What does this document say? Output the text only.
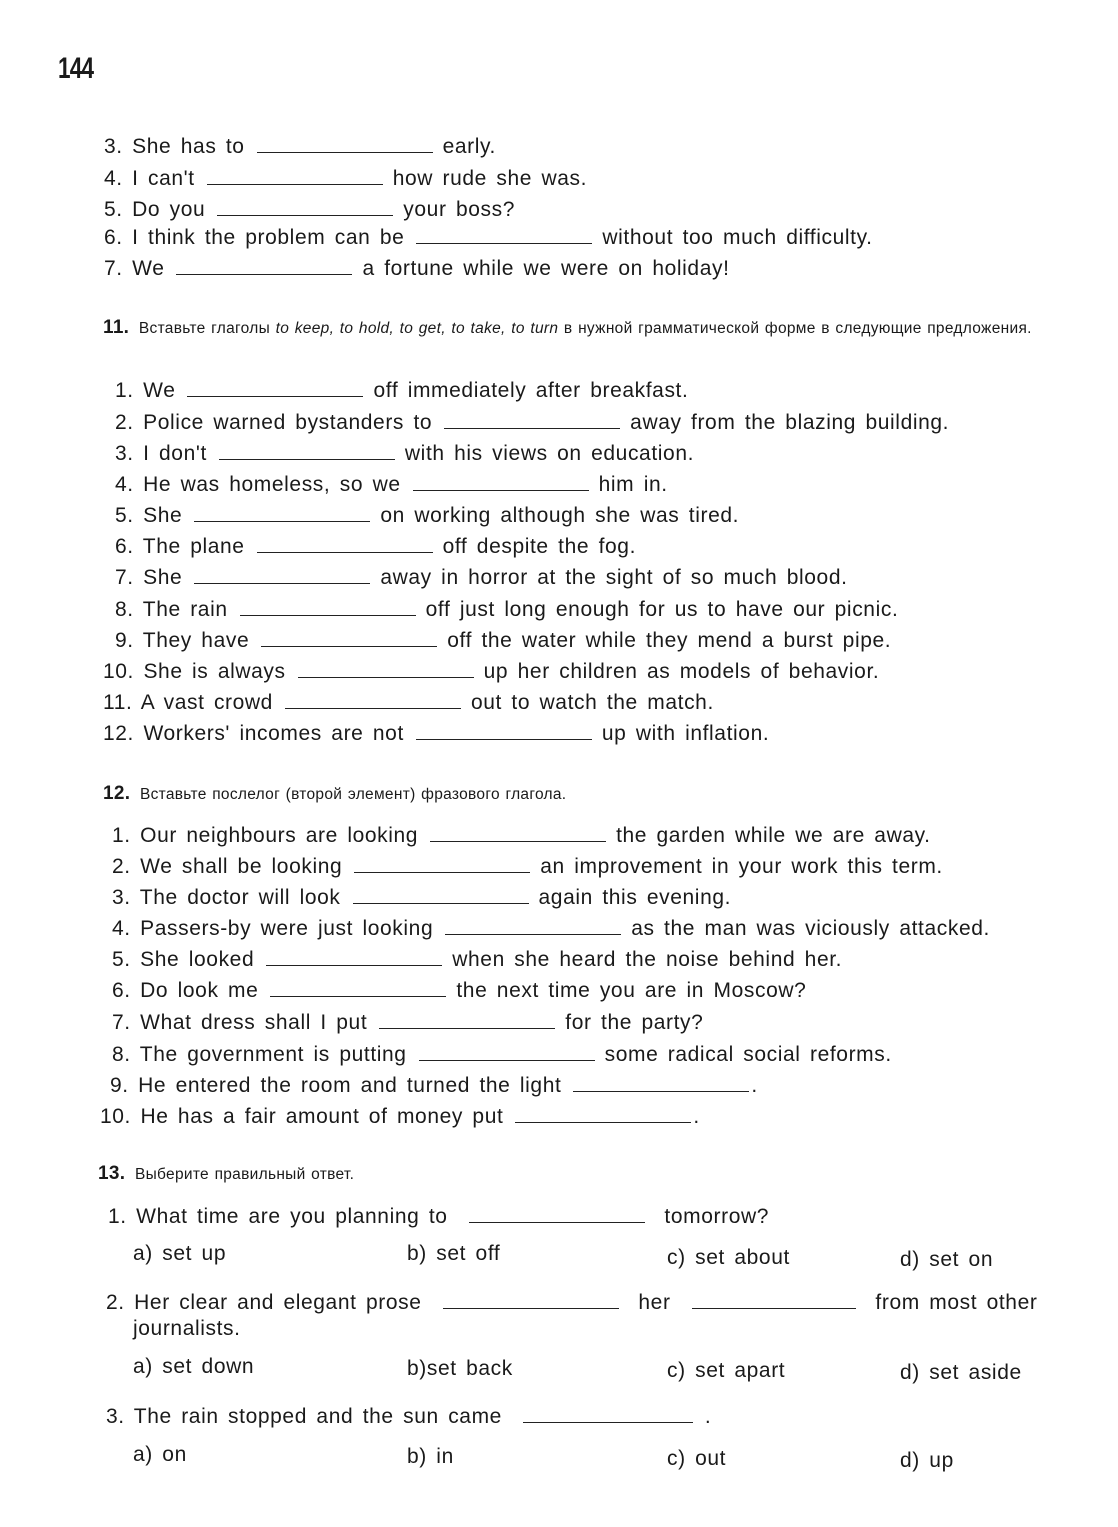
144
3. She has to	early.
4. I can't	how rude she was.
5. Do you	your boss?
6. I think the problem can be	without too much difficulty.
7. We	a fortune while we were on holiday!
11. Вставьте глаголы to keep, to hold, to get, to take, to turn в нужной грамматической форме в следующие предложения.
1. We	off immediately after breakfast.
2. Police warned bystanders to	away from the blazing building.
3. I don't	with his views on education.
4. He was homeless, so we	him in.
5. She	on working although she was tired.
6. The plane	off despite the fog.
7. She	away in horror at the sight of so much blood.
8. The rain	off just long enough for us to have our picnic.
9. They have	off the water while they mend a burst pipe.
10. She is always	up her children as models of behavior.
11. A vast crowd	out to watch the match.
12. Workers' incomes are not	up with inflation.
12. Вставьте послелог (второй элемент) фразового глагола.
1. Our neighbours are looking	the garden while we are away.
2. We shall be looking	an improvement in your work this term.
3. The doctor will look	again this evening.
4. Passers-by were just looking	as the man was viciously attacked.
5. She looked	when she heard the noise behind her.
6. Do look me	the next time you are in Moscow?
7. What dress shall I put	for the party?
8. The government is putting	some radical social reforms.
9. He entered the room and turned the light	.
10. He has a fair amount of money put	.
13. Выберите правильный ответ.
1. What time are you planning to	tomorrow?
a) set up	b) set off	c) set about	d) set on
2. Her clear and elegant prose	her	from most other
journalists.
a) set down	b)set back	c) set apart	d) set aside
3. The rain stopped and the sun came	.
a) on	b) in	c) out	d) up
